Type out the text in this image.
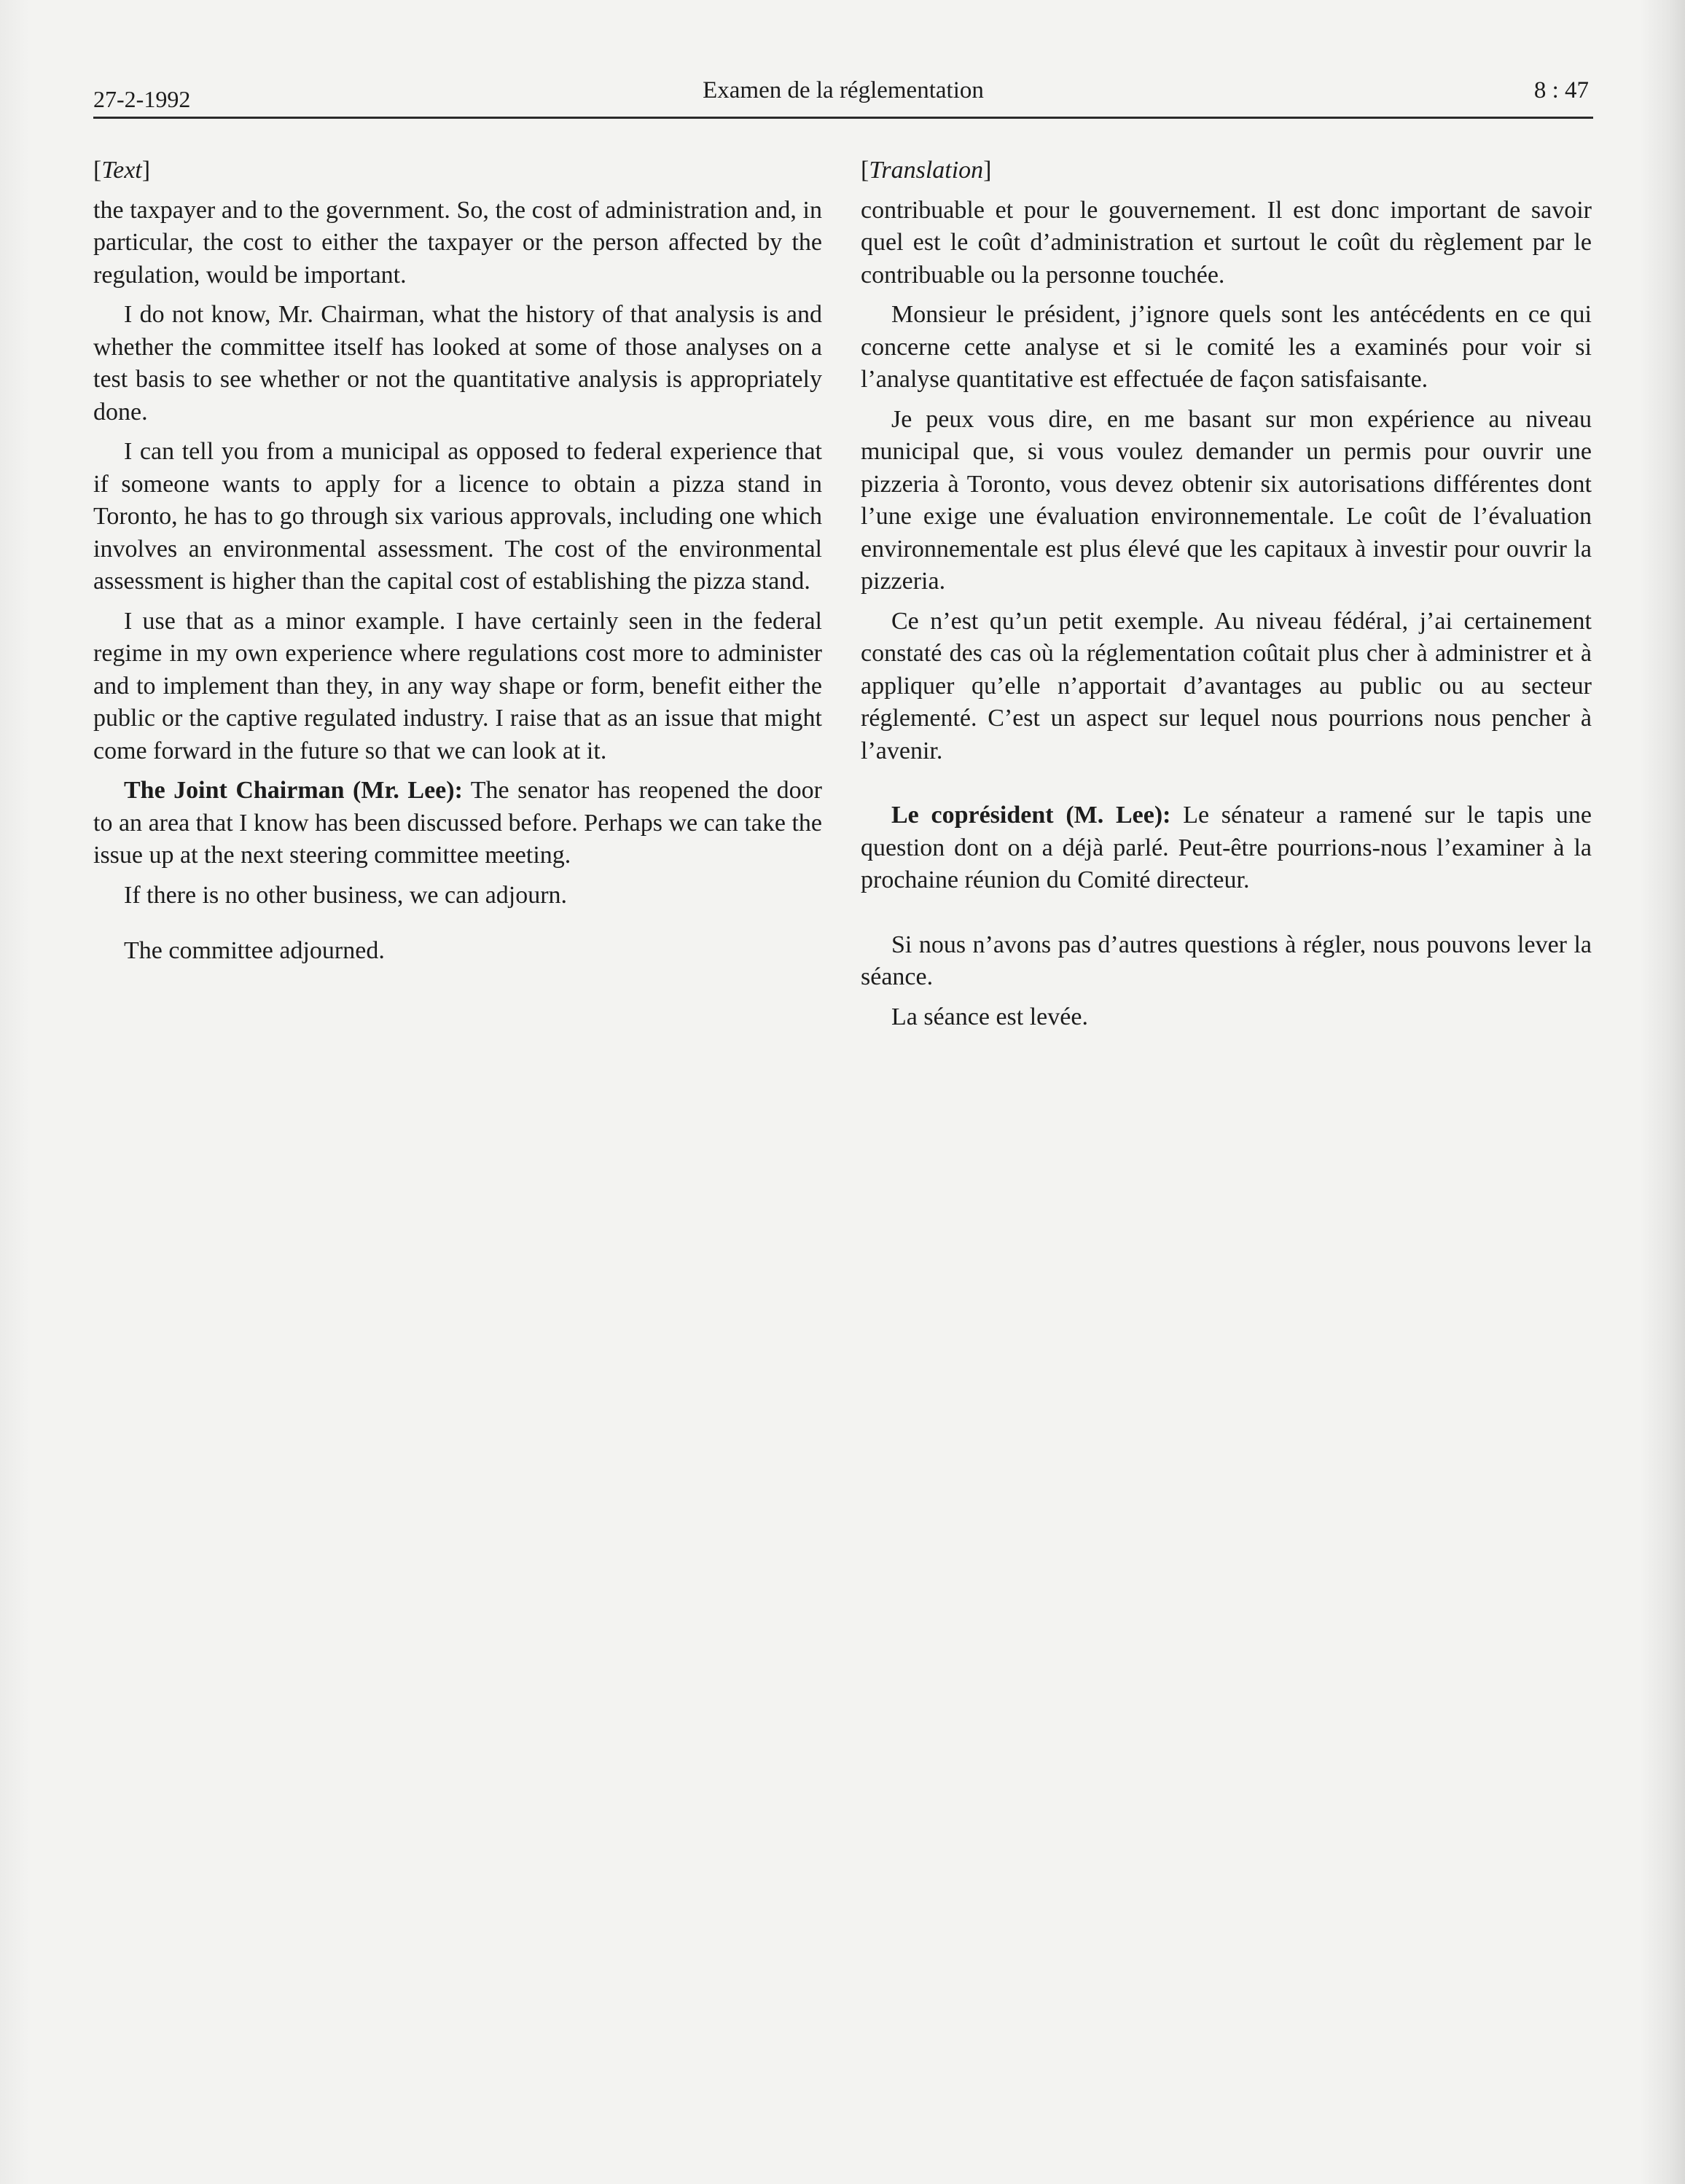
27-2-1992	Examen de la réglementation	8 : 47

[Text]

the taxpayer and to the government. So, the cost of administration and, in particular, the cost to either the taxpayer or the person affected by the regulation, would be important.

I do not know, Mr. Chairman, what the history of that analysis is and whether the committee itself has looked at some of those analyses on a test basis to see whether or not the quantitative analysis is appropriately done.

I can tell you from a municipal as opposed to federal experience that if someone wants to apply for a licence to obtain a pizza stand in Toronto, he has to go through six various approvals, including one which involves an environmental assessment. The cost of the environmental assessment is higher than the capital cost of establishing the pizza stand.

I use that as a minor example. I have certainly seen in the federal regime in my own experience where regulations cost more to administer and to implement than they, in any way shape or form, benefit either the public or the captive regulated industry. I raise that as an issue that might come forward in the future so that we can look at it.

The Joint Chairman (Mr. Lee): The senator has reopened the door to an area that I know has been discussed before. Perhaps we can take the issue up at the next steering committee meeting.

If there is no other business, we can adjourn.

The committee adjourned.

[Translation]

contribuable et pour le gouvernement. Il est donc important de savoir quel est le coût d’administration et surtout le coût du règlement par le contribuable ou la personne touchée.

Monsieur le président, j’ignore quels sont les antécédents en ce qui concerne cette analyse et si le comité les a examinés pour voir si l’analyse quantitative est effectuée de façon satisfaisante.

Je peux vous dire, en me basant sur mon expérience au niveau municipal que, si vous voulez demander un permis pour ouvrir une pizzeria à Toronto, vous devez obtenir six autorisations différentes dont l’une exige une évaluation environnementale. Le coût de l’évaluation environnementale est plus élevé que les capitaux à investir pour ouvrir la pizzeria.

Ce n’est qu’un petit exemple. Au niveau fédéral, j’ai certainement constaté des cas où la réglementation coûtait plus cher à administrer et à appliquer qu’elle n’apportait d’avantages au public ou au secteur réglementé. C’est un aspect sur lequel nous pourrions nous pencher à l’avenir.

Le coprésident (M. Lee): Le sénateur a ramené sur le tapis une question dont on a déjà parlé. Peut-être pourrions-nous l’examiner à la prochaine réunion du Comité directeur.

Si nous n’avons pas d’autres questions à régler, nous pouvons lever la séance.

La séance est levée.
